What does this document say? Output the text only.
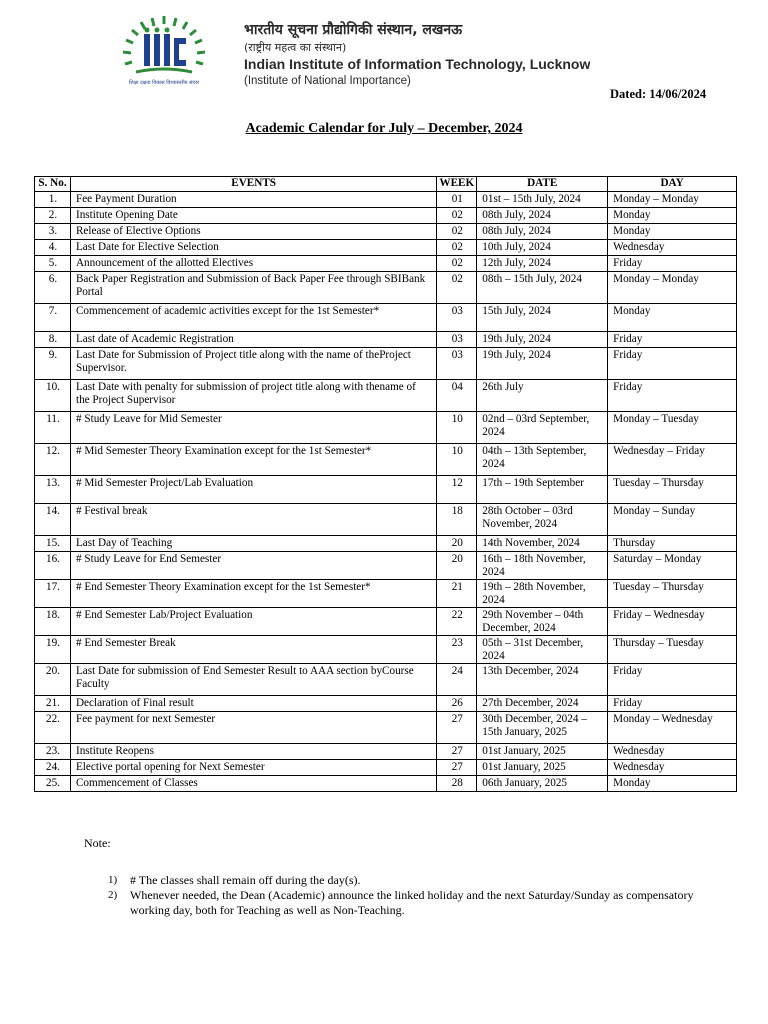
शिक्षा दक्षता विकास विश्वास्तरीय संचार
भारतीय सूचना प्रौद्योगिकी संस्थान, लखनऊ
(राष्ट्रीय महत्व का संस्थान)
Indian Institute of Information Technology, Lucknow
(Institute of National Importance)
Dated: 14/06/2024
Academic Calendar for July – December, 2024
S. No.	EVENTS	WEEK	DATE	DAY
1.	Fee Payment Duration	01	01st – 15th July, 2024	Monday – Monday
2.	Institute Opening Date	02	08th July, 2024	Monday
3.	Release of Elective Options	02	08th July, 2024	Monday
4.	Last Date for Elective Selection	02	10th July, 2024	Wednesday
5.	Announcement of the allotted Electives	02	12th July, 2024	Friday
6.	Back Paper Registration and Submission of Back Paper Fee through SBIBank Portal	02	08th – 15th July, 2024	Monday – Monday
7.	Commencement of academic activities except for the 1st Semester*	03	15th July, 2024	Monday
8.	Last date of Academic Registration	03	19th July, 2024	Friday
9.	Last Date for Submission of Project title along with the name of theProject Supervisor.	03	19th July, 2024	Friday
10.	Last Date with penalty for submission of project title along with thename of the Project Supervisor	04	26th July	Friday
11.	# Study Leave for Mid Semester	10	02nd – 03rd September, 2024	Monday – Tuesday
12.	# Mid Semester Theory Examination except for the 1st Semester*	10	04th – 13th September, 2024	Wednesday – Friday
13.	# Mid Semester Project/Lab Evaluation	12	17th – 19th September	Tuesday – Thursday
14.	# Festival break	18	28th October – 03rd November, 2024	Monday – Sunday
15.	Last Day of Teaching	20	14th November, 2024	Thursday
16.	# Study Leave for End Semester	20	16th – 18th November, 2024	Saturday – Monday
17.	# End Semester Theory Examination except for the 1st Semester*	21	19th – 28th November, 2024	Tuesday – Thursday
18.	# End Semester Lab/Project Evaluation	22	29th November – 04th December, 2024	Friday – Wednesday
19.	# End Semester Break	23	05th – 31st December, 2024	Thursday – Tuesday
20.	Last Date for submission of End Semester Result to AAA section byCourse Faculty	24	13th December, 2024	Friday
21.	Declaration of Final result	26	27th December, 2024	Friday
22.	Fee payment for next Semester	27	30th December, 2024 – 15th January, 2025	Monday – Wednesday
23.	Institute Reopens	27	01st January, 2025	Wednesday
24.	Elective portal opening for Next Semester	27	01st January, 2025	Wednesday
25.	Commencement of Classes	28	06th January, 2025	Monday
Note:
1) # The classes shall remain off during the day(s).
2) Whenever needed, the Dean (Academic) announce the linked holiday and the next Saturday/Sunday as compensatory working day, both for Teaching as well as Non-Teaching.
